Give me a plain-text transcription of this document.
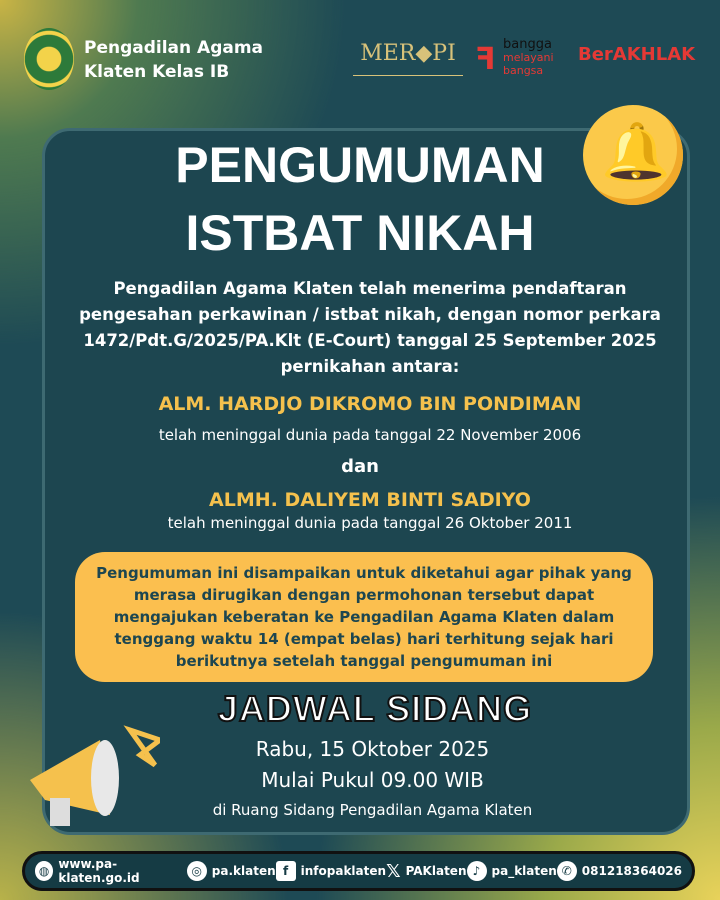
Pengadilan Agama
Klaten Kelas IB
MER◆PI ꟻ bangga
melayani bangsa
BerAKHLAK
🔔
PENGUMUMAN
ISTBAT NIKAH
Pengadilan Agama Klaten telah menerima pendaftaran
pengesahan perkawinan / istbat nikah, dengan nomor perkara
1472/Pdt.G/2025/PA.Klt (E-Court) tanggal 25 September 2025
pernikahan antara:
ALM. HARDJO DIKROMO BIN PONDIMAN
telah meninggal dunia pada tanggal 22 November 2006
dan
ALMH. DALIYEM BINTI SADIYO
telah meninggal dunia pada tanggal 26 Oktober 2011
Pengumuman ini disampaikan untuk diketahui agar pihak yang
merasa dirugikan dengan permohonan tersebut dapat
mengajukan keberatan ke Pengadilan Agama Klaten dalam
tenggang waktu 14 (empat belas) hari terhitung sejak hari
berikutnya setelah tanggal pengumuman ini
JADWAL SIDANG
Rabu, 15 Oktober 2025
Mulai Pukul 09.00 WIB
di Ruang Sidang Pengadilan Agama Klaten
◍ www.pa-klaten.go.id	◎ pa.klaten f	infopaklaten 𝕏 PAKlaten ♪ pa_klaten ✆ 081218364026
